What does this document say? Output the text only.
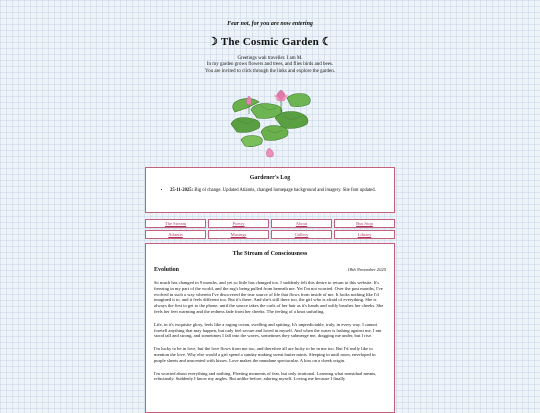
Fear not, for you are now entering
☽ The Cosmic Garden ☾
Greetings wah traveller. I am M.
In my garden grows flowers and trees, and flies birds and bees.
You are invited to click through the links and explore the garden.
Gardener's Log
• 25-11-2025: Big ol change. Updated Atlantis, changed homepage background and imagery. Site font updated.
The Stream	Poetry	About	Bus Stop
Atlantis	Musings	Gallery	Library
The Stream of Consciousness
Evolution	18th November 2025

So much has changed in 9 months, and yet so little has changed too. I suddenly felt this desire to return to this website. It's freezing in my part of the world, and the rug's being pulled from beneath me. Yet I'm not worried. Over the past months, I've evolved in such a way wherein I've discovered the true source of life that flows from inside of me. It looks nothing like I'd imagined it to, and it feels different too. But it's there. And she's still there too, the girl who is afraid of everything. She is always the first to get to the phone, until the source takes the curls of her hair as it's hands and softly brushes her cheeks. She feels her feet warming and the redness fade from her cheeks. The feeling of a knot unfurling.

Life, in it's exquisite glory, feels like a raging ocean, swelling and spitting. It's unpredictable, truly, in every way. I cannot foretell anything that may happen, but only feel secure and loved in myself. And when the water is lashing against me, I am stood tall and strong, and sometimes I fall into the waves, sometimes they submerge me, dragging me under, but I rise.

I'm lucky to be in love, but the love flows from me too, and therefore all are lucky to be in me too. But I'd really like to mention the love. Why else would a girl spend a sunday making sweat butter mints. Sleeping in until noon, enveloped in purple sheets and unscented with kisses. Love makes the mundane spectacular. A kiss on a cheek origin.

I'm worried about everything and nothing. Fleeting moments of fear, but only irrational. Learning what nonsidual means, reluctantly. Suddenly I know my angles. But unlike before, adoring myself. Loving me because I finally
